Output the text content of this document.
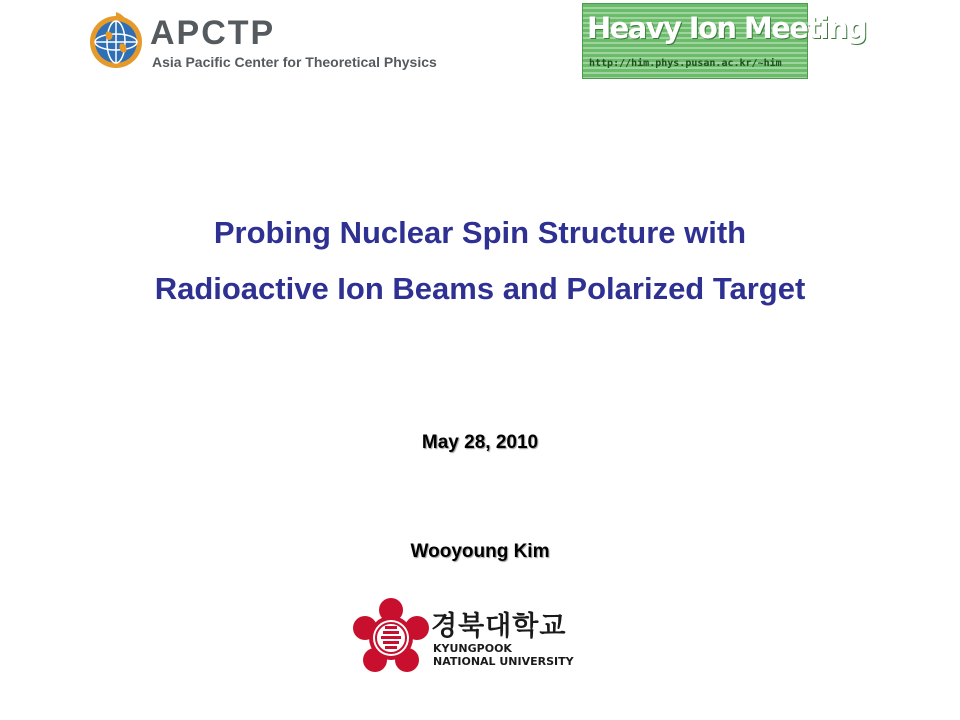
APCTP
Asia Pacific Center for Theoretical Physics
Heavy Ion Meeting
http://him.phys.pusan.ac.kr/~him
Probing Nuclear Spin Structure with
Radioactive Ion Beams and Polarized Target
May 28, 2010
Wooyoung Kim
경북대학교
KYUNGPOOK
NATIONAL UNIVERSITY
